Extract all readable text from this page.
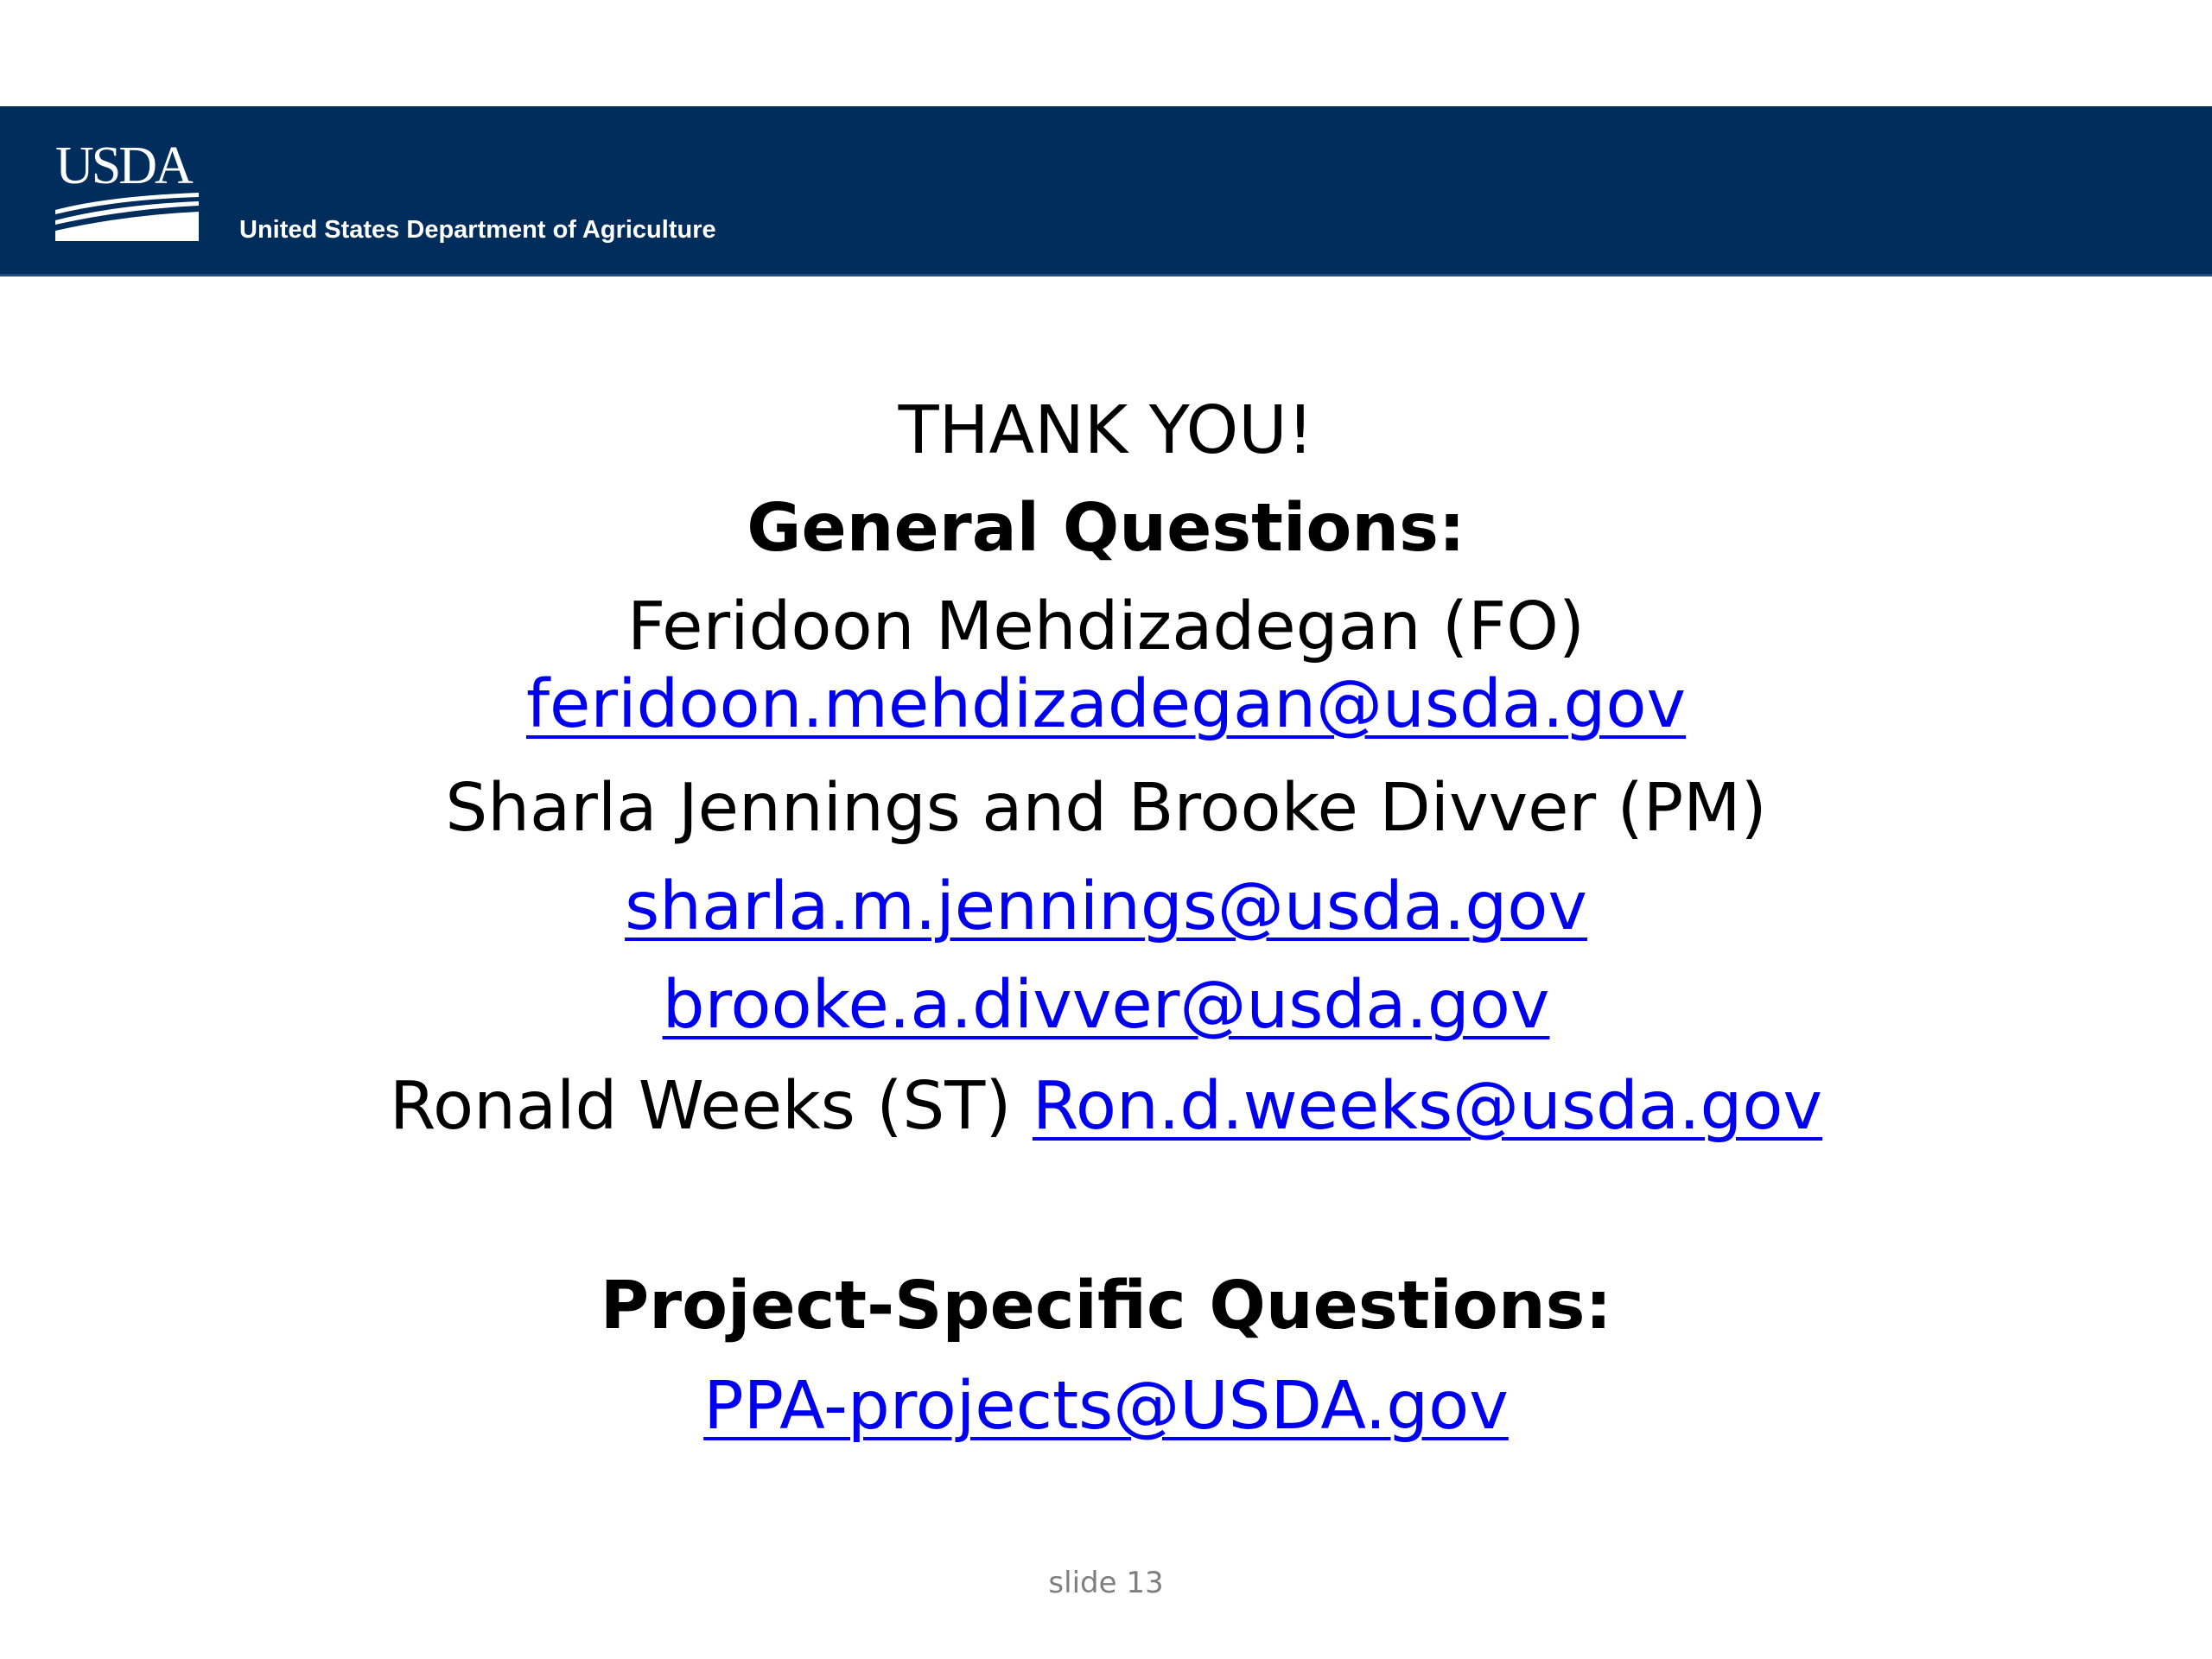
USDA
United States Department of Agriculture
THANK YOU!
General Questions:
Feridoon Mehdizadegan (FO)
feridoon.mehdizadegan@usda.gov
Sharla Jennings and Brooke Divver (PM)
sharla.m.jennings@usda.gov
brooke.a.divver@usda.gov
Ronald Weeks (ST) Ron.d.weeks@usda.gov
Project-Specific Questions:
PPA-projects@USDA.gov
slide 13
